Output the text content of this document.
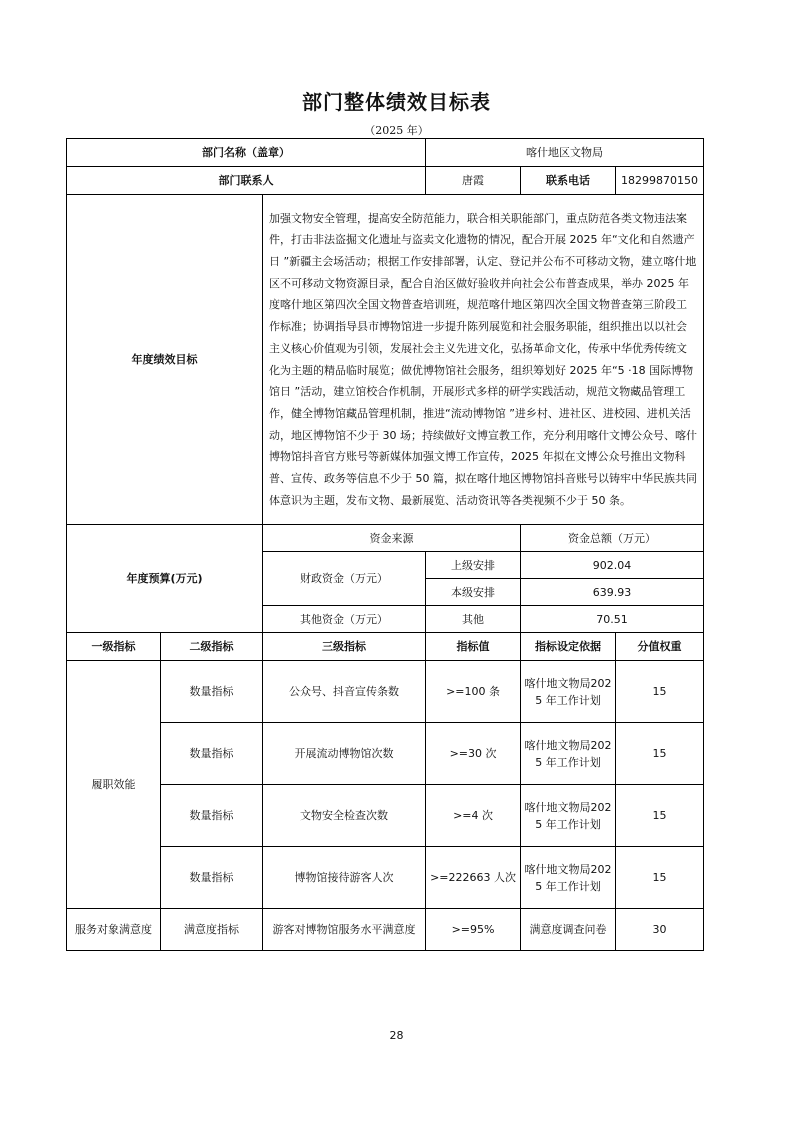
部门整体绩效目标表
（2025 年）
部门名称（盖章）			喀什地区文物局		
部门联系人			唐霞	联系电话	18299870150
年度绩效目标		加强文物安全管理，提高安全防范能力，联合相关职能部门，重点防范各类文物违法案件，打击非法盗掘文化遗址与盗卖文化遗物的情况，配合开展 2025 年“文化和自然遗产日 ”新疆主会场活动；根据工作安排部署，认定、登记并公布不可移动文物，建立喀什地区不可移动文物资源目录，配合自治区做好验收并向社会公布普查成果，举办 2025 年度喀什地区第四次全国文物普查培训班，规范喀什地区第四次全国文物普查第三阶段工作标准；协调指导县市博物馆进一步提升陈列展览和社会服务职能，组织推出以以社会主义核心价值观为引领，发展社会主义先进文化，弘扬革命文化，传承中华优秀传统文化为主题的精品临时展览；做优博物馆社会服务，组织筹划好 2025 年“5 ·18 国际博物馆日 ”活动，建立馆校合作机制，开展形式多样的研学实践活动，规范文物藏品管理工作，健全博物馆藏品管理机制，推进“流动博物馆 ”进乡村、进社区、进校园、进机关活动，地区博物馆不少于 30 场；持续做好文博宣教工作，充分利用喀什文博公众号、喀什博物馆抖音官方账号等新媒体加强文博工作宣传，2025 年拟在文博公众号推出文物科普、宣传、政务等信息不少于 50 篇，拟在喀什地区博物馆抖音账号以铸牢中华民族共同体意识为主题，发布文物、最新展览、活动资讯等各类视频不少于 50 条。			
年度预算(万元)		资金来源		资金总额（万元）	
		财政资金（万元）	上级安排	902.04	
			本级安排	639.93	
		其他资金（万元）	其他	70.51	
一级指标	二级指标	三级指标	指标值	指标设定依据	分值权重
履职效能	数量指标	公众号、抖音宣传条数	>=100 条	喀什地文物局2025 年工作计划	15
	数量指标	开展流动博物馆次数	>=30 次	喀什地文物局2025 年工作计划	15
	数量指标	文物安全检查次数	>=4 次	喀什地文物局2025 年工作计划	15
	数量指标	博物馆接待游客人次	>=222663 人次	喀什地文物局2025 年工作计划	15
服务对象满意度	满意度指标	游客对博物馆服务水平满意度	>=95%	满意度调查问卷	30
28
